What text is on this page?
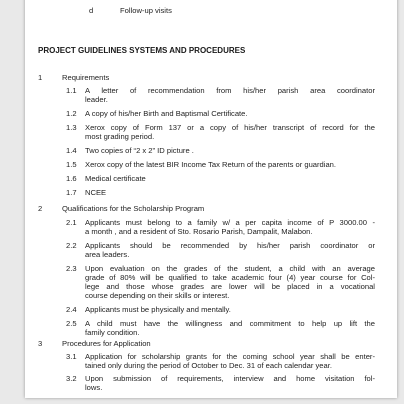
d	Follow-up visits
PROJECT GUIDELINES SYSTEMS AND PROCEDURES
1	Requirements
1.1 A letter of recommendation from his/her parish area coordinator
leader.
1.2 A copy of his/her Birth and Baptismal Certificate.
1.3 Xerox copy of Form 137 or a copy of his/her transcript of record for the
most grading period.
1.4 Two copies of “2 x 2” ID picture .
1.5 Xerox copy of the latest BIR Income Tax Return of the parents or guardian.
1.6 Medical certificate
1.7 NCEE
2	Qualifications for the Scholarship Program
2.1 Applicants must belong to a family w/ a per capita income of P 3000.00 -
a month , and a resident of Sto. Rosario Parish, Dampalit, Malabon.
2.2 Applicants should be recommended by his/her parish coordinator or
area leaders.
2.3 Upon evaluation on the grades of the student, a child with an average
grade of 80% will be qualified to take academic four (4) year course for Col-
lege and those whose grades are lower will be placed in a vocational
course depending on their skills or interest.
2.4 Applicants must be physically and mentally.
2.5 A child must have the willingness and commitment to help up lift the
family condition.
3	Procedures for Application
3.1 Application for scholarship grants for the coming school year shall be enter-
tained only during the period of October to Dec. 31 of each calendar year.
3.2 Upon submission of requirements, interview and home visitation fol-
lows.
